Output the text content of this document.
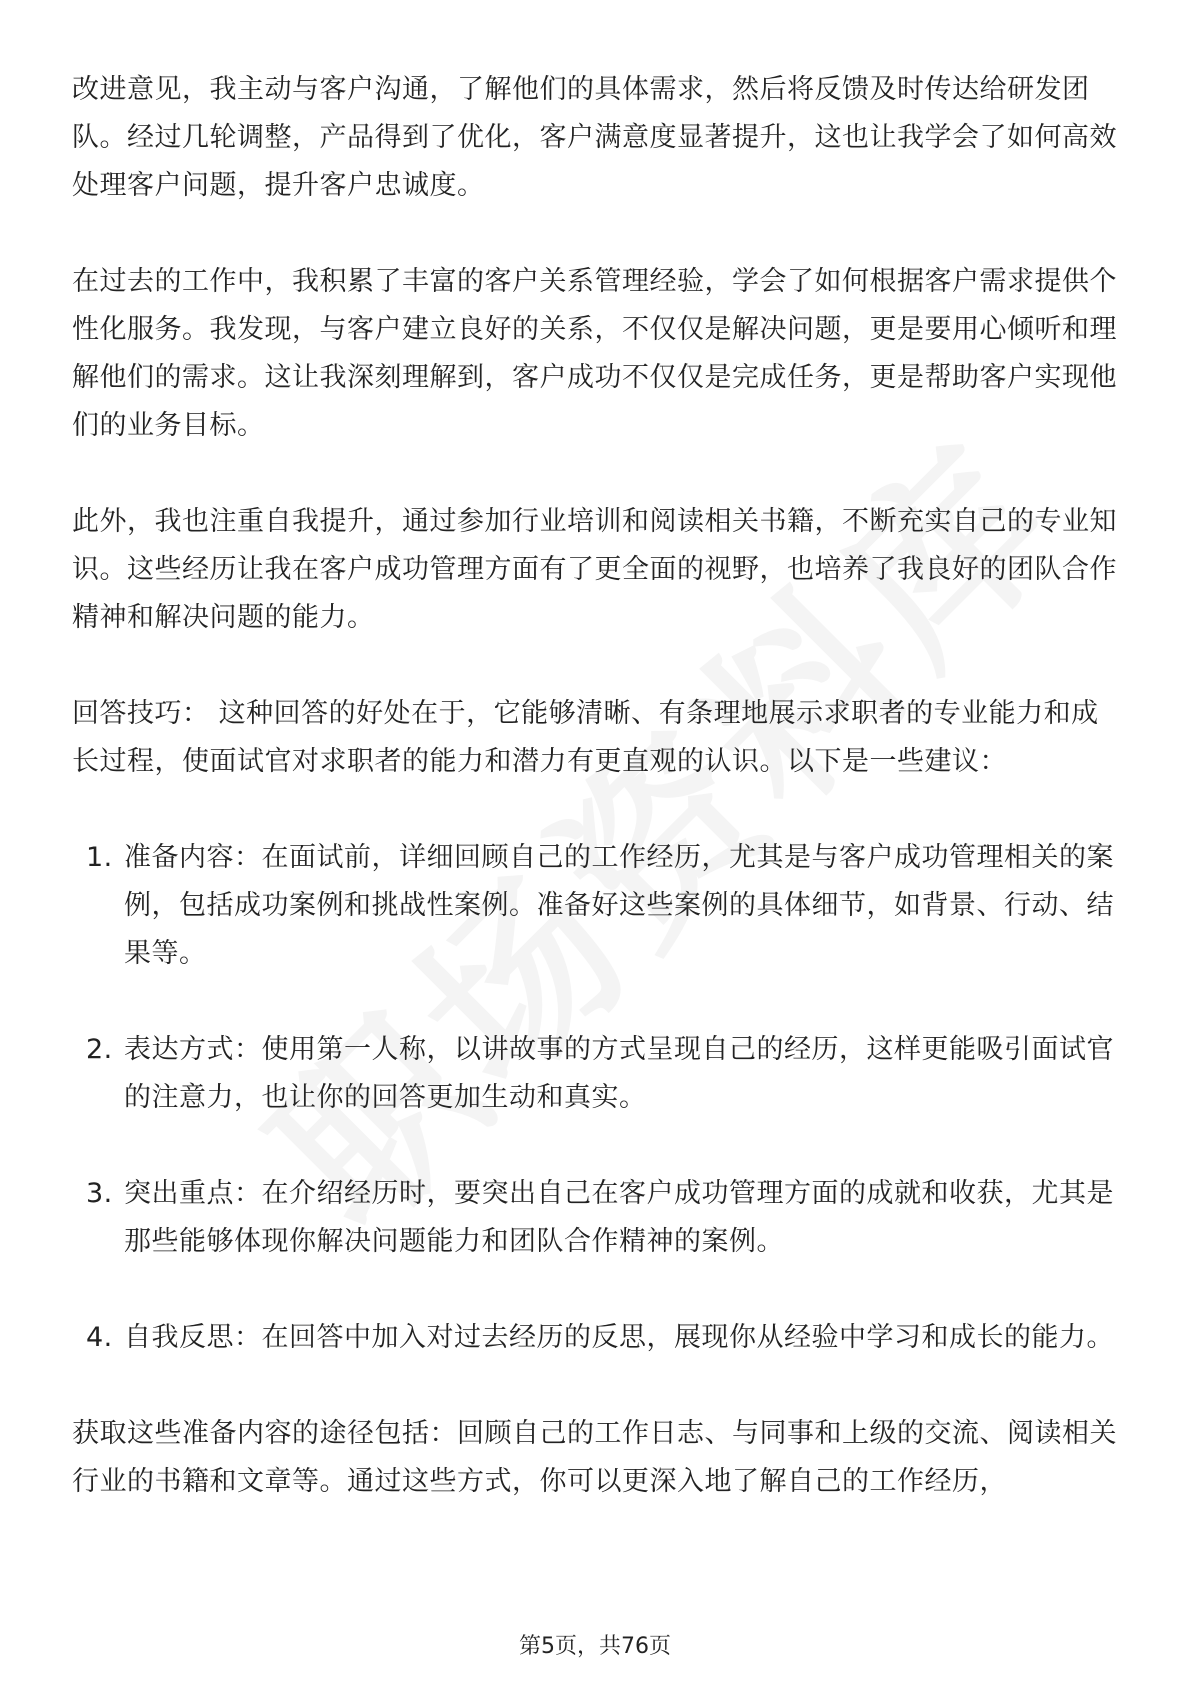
改进意见，我主动与客户沟通，了解他们的具体需求，然后将反馈及时传达给研发团队。经过几轮调整，产品得到了优化，客户满意度显著提升，这也让我学会了如何高效处理客户问题，提升客户忠诚度。

在过去的工作中，我积累了丰富的客户关系管理经验，学会了如何根据客户需求提供个性化服务。我发现，与客户建立良好的关系，不仅仅是解决问题，更是要用心倾听和理解他们的需求。这让我深刻理解到，客户成功不仅仅是完成任务，更是帮助客户实现他们的业务目标。

此外，我也注重自我提升，通过参加行业培训和阅读相关书籍，不断充实自己的专业知识。这些经历让我在客户成功管理方面有了更全面的视野，也培养了我良好的团队合作精神和解决问题的能力。

回答技巧： 这种回答的好处在于，它能够清晰、有条理地展示求职者的专业能力和成长过程，使面试官对求职者的能力和潜力有更直观的认识。以下是一些建议：

1. 准备内容：在面试前，详细回顾自己的工作经历，尤其是与客户成功管理相关的案例，包括成功案例和挑战性案例。准备好这些案例的具体细节，如背景、行动、结果等。
2. 表达方式：使用第一人称，以讲故事的方式呈现自己的经历，这样更能吸引面试官的注意力，也让你的回答更加生动和真实。
3. 突出重点：在介绍经历时，要突出自己在客户成功管理方面的成就和收获，尤其是那些能够体现你解决问题能力和团队合作精神的案例。
4. 自我反思：在回答中加入对过去经历的反思，展现你从经验中学习和成长的能力。

获取这些准备内容的途径包括：回顾自己的工作日志、与同事和上级的交流、阅读相关行业的书籍和文章等。通过这些方式，你可以更深入地了解自己的工作经历，

第5页，共76页
